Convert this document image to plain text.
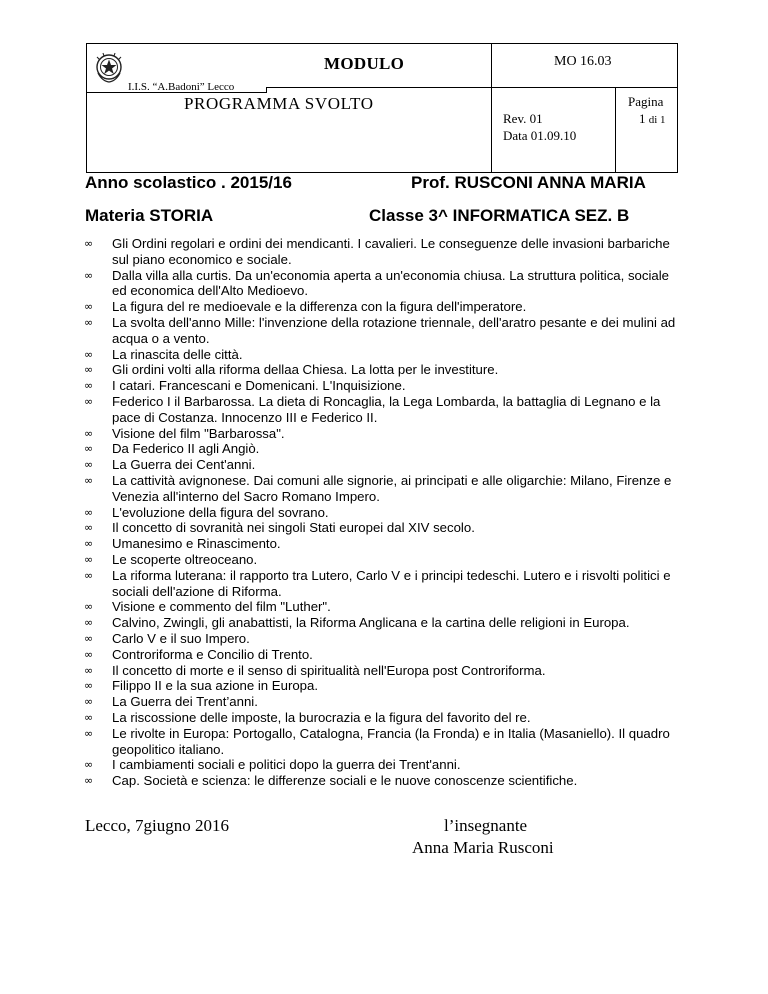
I.I.S. “A.Badoni” Lecco
MODULO	MO 16.03
PROGRAMMA SVOLTO
Rev. 01
Data 01.09.10
Pagina
1 di 1
Anno scolastico . 2015/16	Prof. RUSCONI ANNA MARIA
Materia STORIA	Classe 3^ INFORMATICA SEZ. B
∞ Gli Ordini regolari e ordini dei mendicanti. I cavalieri. Le conseguenze delle invasioni barbariche sul piano economico e sociale.
∞ Dalla villa alla curtis. Da un'economia aperta a un'economia chiusa. La struttura politica, sociale ed economica dell'Alto Medioevo.
∞ La figura del re medioevale e la differenza con la figura dell'imperatore.
∞ La svolta dell'anno Mille: l'invenzione della rotazione triennale, dell'aratro pesante e dei mulini ad acqua o a vento.
∞ La rinascita delle città.
∞ Gli ordini volti alla riforma dellaa Chiesa. La lotta per le investiture.
∞ I catari. Francescani e Domenicani. L'Inquisizione.
∞ Federico I il Barbarossa. La dieta di Roncaglia, la Lega Lombarda, la battaglia di Legnano e la pace di Costanza. Innocenzo III e Federico II.
∞ Visione del film "Barbarossa".
∞ Da Federico II agli Angiò.
∞ La Guerra dei Cent'anni.
∞ La cattività avignonese. Dai comuni alle signorie, ai principati e alle oligarchie: Milano, Firenze e Venezia all'interno del Sacro Romano Impero.
∞ L'evoluzione della figura del sovrano.
∞ Il concetto di sovranità nei singoli Stati europei dal XIV secolo.
∞ Umanesimo e Rinascimento.
∞ Le scoperte oltreoceano.
∞ La riforma luterana: il rapporto tra Lutero, Carlo V e i principi tedeschi. Lutero e i risvolti politici e sociali dell'azione di Riforma.
∞ Visione e commento del film "Luther".
∞ Calvino, Zwingli, gli anabattisti, la Riforma Anglicana e la cartina delle religioni in Europa.
∞ Carlo V e il suo Impero.
∞ Controriforma e Concilio di Trento.
∞ Il concetto di morte e il senso di spiritualità nell'Europa post Controriforma.
∞ Filippo II e la sua azione in Europa.
∞ La Guerra dei Trent’anni.
∞ La riscossione delle imposte, la burocrazia e la figura del favorito del re.
∞ Le rivolte in Europa: Portogallo, Catalogna, Francia (la Fronda) e in Italia (Masaniello). Il quadro geopolitico italiano.
∞ I cambiamenti sociali e politici dopo la guerra dei Trent'anni.
∞ Cap. Società e scienza: le differenze sociali e le nuove conoscenze scientifiche.
Lecco, 7giugno 2016	l’insegnante
Anna Maria Rusconi
